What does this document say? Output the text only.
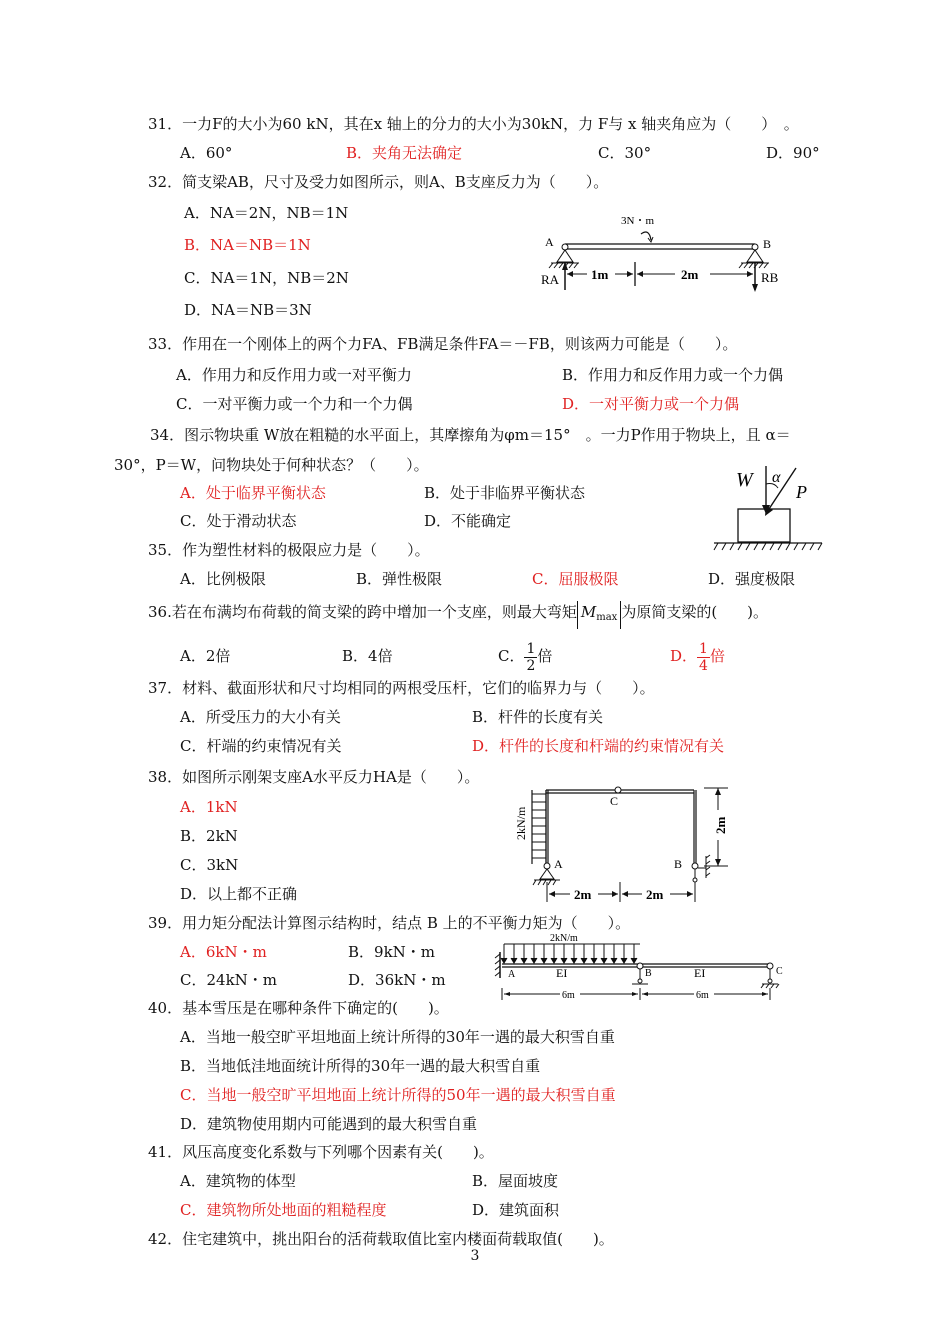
31．一力F的大小为60 kN，其在x 轴上的分力的大小为30kN，力 F与 x 轴夹角应为（　　）　。
A．60°	B．夹角无法确定	C．30°	D．90°
32．简支梁AB，尺寸及受力如图所示，则A、B支座反力为（　　）。
A．NA＝2N，NB＝1N
B．NA＝NB＝1N
C．NA＝1N，NB＝2N
D．NA＝NB＝3N
3N・m
A	B
RA	RB
1m	2m
33．作用在一个刚体上的两个力FA、FB满足条件FA＝－FB，则该两力可能是（　　）。
A．作用力和反作用力或一对平衡力	B．作用力和反作用力或一个力偶
C．一对平衡力或一个力和一个力偶	D．一对平衡力或一个力偶
34．图示物块重 W放在粗糙的水平面上，其摩擦角为φm＝15°　。一力P作用于物块上，且 α＝
30°，P＝W，问物块处于何种状态？（　　）。
A．处于临界平衡状态	B．处于非临界平衡状态
C．处于滑动状态	D．不能确定
W α
P
35．作为塑性材料的极限应力是（　　）。
A．比例极限	B．弹性极限	C．屈服极限	D．强度极限
36.若在布满均布荷载的简支梁的跨中增加一个支座，则最大弯矩 $M_{max}$ 为原简支梁的(　　)。
A．2倍	B．4倍	C． $\frac{1}{2}$ 倍	D． $\frac{1}{4}$ 倍
37．材料、截面形状和尺寸均相同的两根受压杆，它们的临界力与（　　）。
A．所受压力的大小有关	B．杆件的长度有关
C．杆端的约束情况有关	D．杆件的长度和杆端的约束情况有关
38．如图所示刚架支座A水平反力HA是（　　）。
A．1kN
B．2kN
C．3kN
D．以上都不正确
2kN/m
C
A	B
2m
2m	2m
39．用力矩分配法计算图示结构时，结点 B 上的不平衡力矩为（　　）。
A．6kN・m	B．9kN・m
C．24kN・m	D．36kN・m
2kN/m
A	EI	B	EI	C
6m	6m
40．基本雪压是在哪种条件下确定的(　　)。
A．当地一般空旷平坦地面上统计所得的30年一遇的最大积雪自重
B．当地低洼地面统计所得的30年一遇的最大积雪自重
C．当地一般空旷平坦地面上统计所得的50年一遇的最大积雪自重
D．建筑物使用期内可能遇到的最大积雪自重
41．风压高度变化系数与下列哪个因素有关(　　)。
A．建筑物的体型	B．屋面坡度
C．建筑物所处地面的粗糙程度	D．建筑面积
42．住宅建筑中，挑出阳台的活荷载取值比室内楼面荷载取值(　　)。
3
